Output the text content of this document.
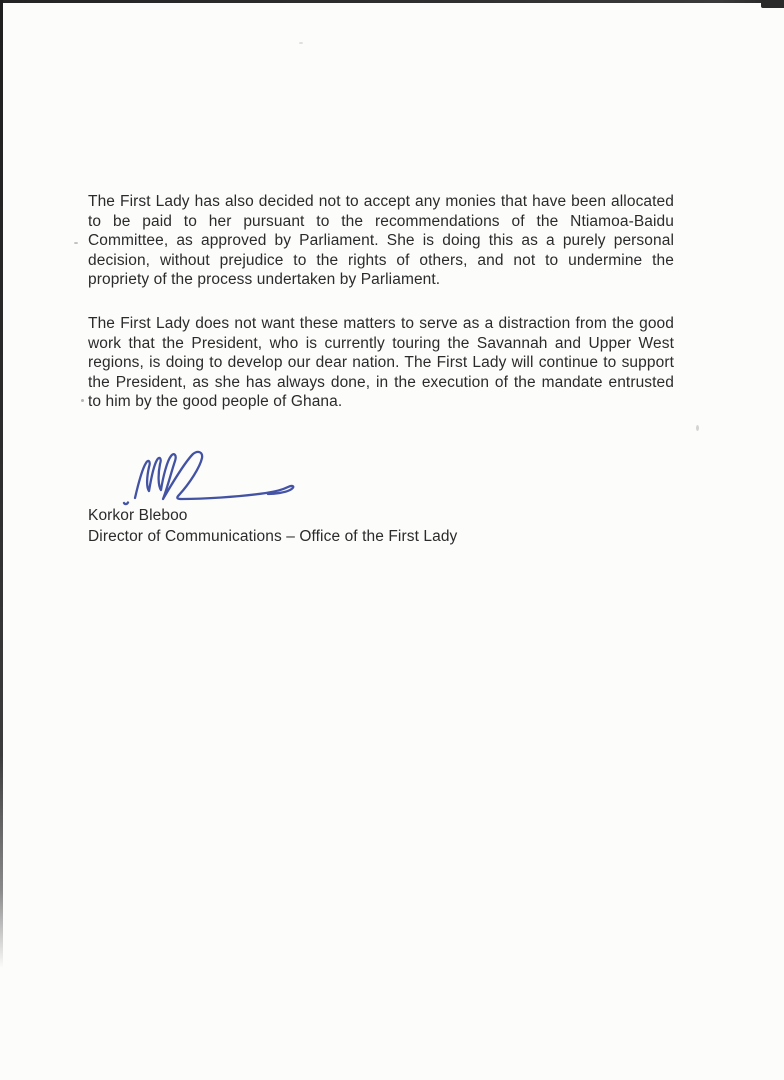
The First Lady has also decided not to accept any monies that have been allocated
to be paid to her pursuant to the recommendations of the Ntiamoa-Baidu
Committee, as approved by Parliament. She is doing this as a purely personal
decision, without prejudice to the rights of others, and not to undermine the
propriety of the process undertaken by Parliament.

The First Lady does not want these matters to serve as a distraction from the good
work that the President, who is currently touring the Savannah and Upper West
regions, is doing to develop our dear nation. The First Lady will continue to support
the President, as she has always done, in the execution of the mandate entrusted
to him by the good people of Ghana.

Korkor Bleboo
Director of Communications – Office of the First Lady
